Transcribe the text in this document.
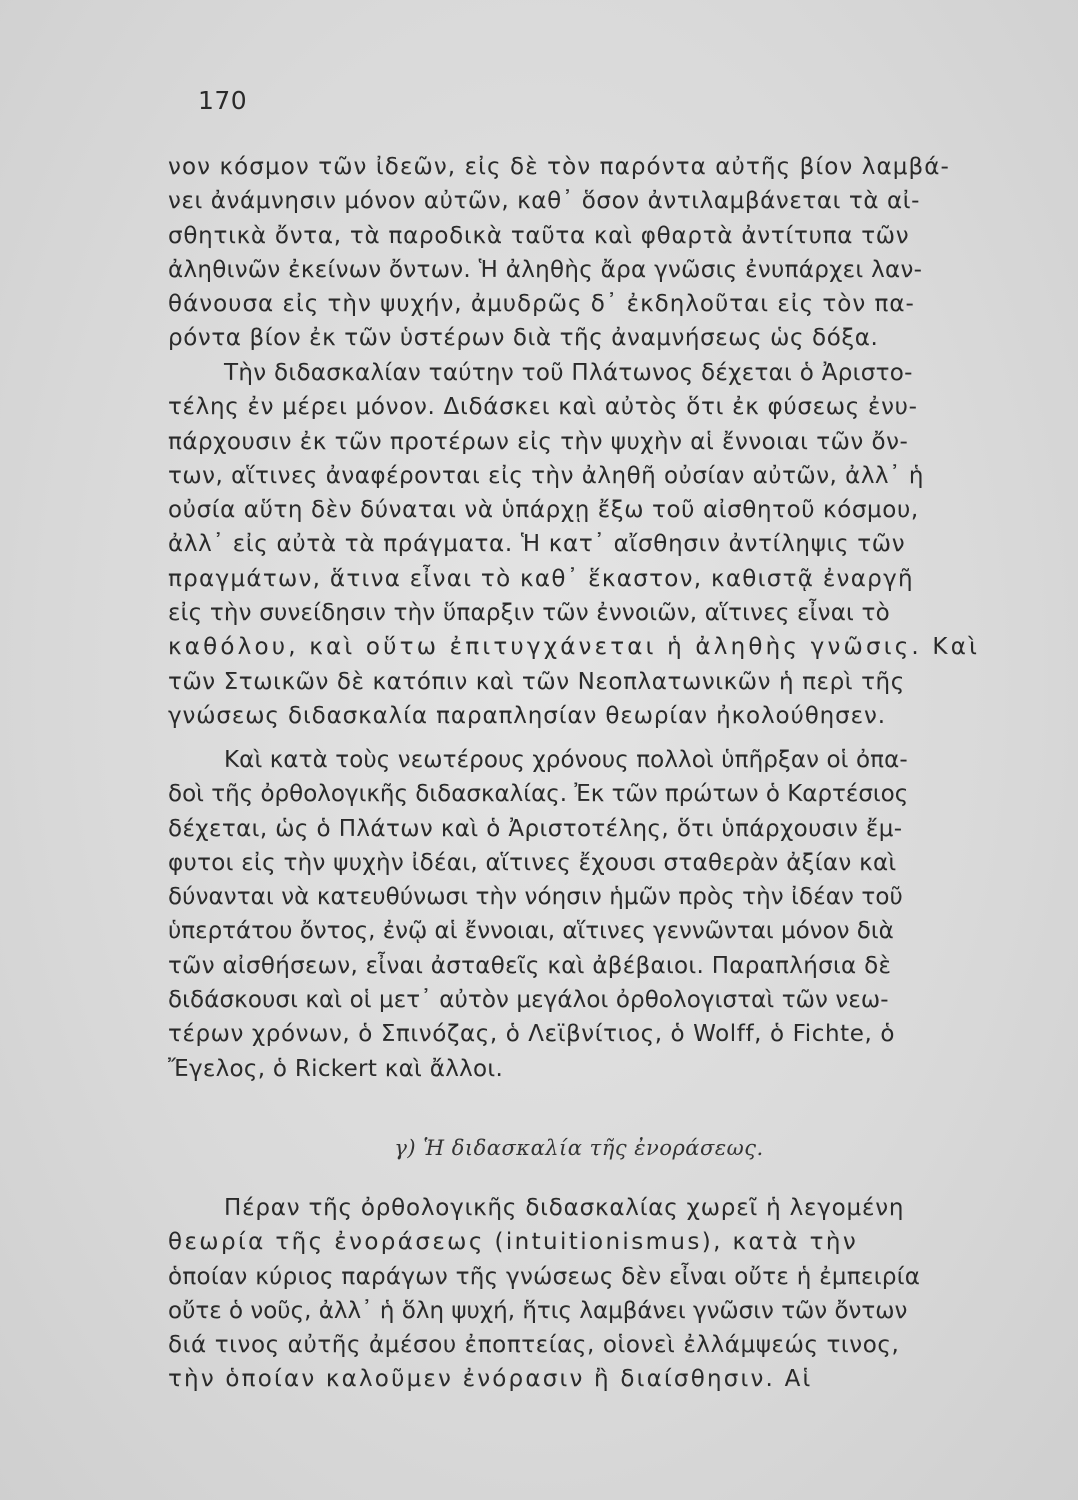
170
νον κόσμον τῶν ἰδεῶν, εἰς δὲ τὸν παρόντα αὐτῆς βίον λαμβά-
νει ἀνάμνησιν μόνον αὐτῶν, καθ᾿ ὅσον ἀντιλαμβάνεται τὰ αἰ-
σθητικὰ ὄντα, τὰ παροδικὰ ταῦτα καὶ φθαρτὰ ἀντίτυπα τῶν
ἀληθινῶν ἐκείνων ὄντων. Ἡ ἀληθὴς ἄρα γνῶσις ἐνυπάρχει λαν-
θάνουσα εἰς τὴν ψυχήν, ἀμυδρῶς δ᾿ ἐκδηλοῦται εἰς τὸν πα-
ρόντα βίον ἐκ τῶν ὑστέρων διὰ τῆς ἀναμνήσεως ὡς δόξα.
Τὴν διδασκαλίαν ταύτην τοῦ Πλάτωνος δέχεται ὁ Ἀριστο-
τέλης ἐν μέρει μόνον. Διδάσκει καὶ αὐτὸς ὅτι ἐκ φύσεως ἐνυ-
πάρχουσιν ἐκ τῶν προτέρων εἰς τὴν ψυχὴν αἱ ἔννοιαι τῶν ὄν-
των, αἵτινες ἀναφέρονται εἰς τὴν ἀληθῆ οὐσίαν αὐτῶν, ἀλλ᾿ ἡ
οὐσία αὕτη δὲν δύναται νὰ ὑπάρχῃ ἔξω τοῦ αἰσθητοῦ κόσμου,
ἀλλ᾿ εἰς αὐτὰ τὰ πράγματα. Ἡ κατ᾿ αἴσθησιν ἀντίληψις τῶν
πραγμάτων, ἅτινα εἶναι τὸ καθ᾿ ἕκαστον, καθιστᾷ ἐναργῆ
εἰς τὴν συνείδησιν τὴν ὕπαρξιν τῶν ἐννοιῶν, αἵτινες εἶναι τὸ
καθόλου, καὶ οὕτω ἐπιτυγχάνεται ἡ ἀληθὴς γνῶσις. Καὶ
τῶν Στωικῶν δὲ κατόπιν καὶ τῶν Νεοπλατωνικῶν ἡ περὶ τῆς
γνώσεως διδασκαλία παραπλησίαν θεωρίαν ἠκολούθησεν.
Καὶ κατὰ τοὺς νεωτέρους χρόνους πολλοὶ ὑπῆρξαν οἱ ὀπα-
δοὶ τῆς ὀρθολογικῆς διδασκαλίας. Ἐκ τῶν πρώτων ὁ Καρτέσιος
δέχεται, ὡς ὁ Πλάτων καὶ ὁ Ἀριστοτέλης, ὅτι ὑπάρχουσιν ἔμ-
φυτοι εἰς τὴν ψυχὴν ἰδέαι, αἵτινες ἔχουσι σταθερὰν ἀξίαν καὶ
δύνανται νὰ κατευθύνωσι τὴν νόησιν ἡμῶν πρὸς τὴν ἰδέαν τοῦ
ὑπερτάτου ὄντος, ἐνῷ αἱ ἔννοιαι, αἵτινες γεννῶνται μόνον διὰ
τῶν αἰσθήσεων, εἶναι ἀσταθεῖς καὶ ἀβέβαιοι. Παραπλήσια δὲ
διδάσκουσι καὶ οἱ μετ᾿ αὐτὸν μεγάλοι ὀρθολογισταὶ τῶν νεω-
τέρων χρόνων, ὁ Σπινόζας, ὁ Λεϊβνίτιος, ὁ Wolff, ὁ Fichte, ὁ
Ἔγελος, ὁ Rickert καὶ ἄλλοι.
γ) Ἡ διδασκαλία τῆς ἐνοράσεως.
Πέραν τῆς ὀρθολογικῆς διδασκαλίας χωρεῖ ἡ λεγομένη
θεωρία τῆς ἐνοράσεως (intuitionismus), κατὰ τὴν
ὁποίαν κύριος παράγων τῆς γνώσεως δὲν εἶναι οὔτε ἡ ἐμπειρία
οὔτε ὁ νοῦς, ἀλλ᾿ ἡ ὅλη ψυχή, ἥτις λαμβάνει γνῶσιν τῶν ὄντων
διά τινος αὐτῆς ἀμέσου ἐποπτείας, οἱονεὶ ἐλλάμψεώς τινος,
τὴν ὁποίαν καλοῦμεν ἐνόρασιν ἢ διαίσθησιν. Αἱ
